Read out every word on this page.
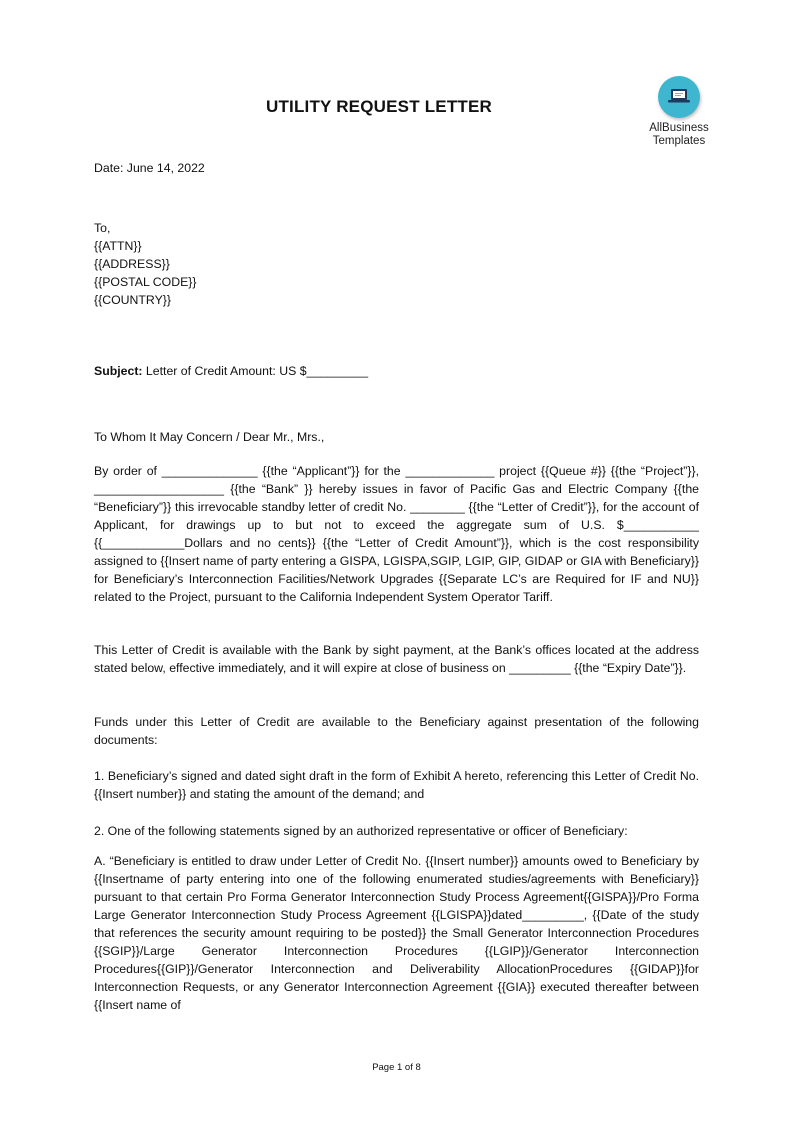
UTILITY REQUEST LETTER
AllBusiness
Templates
Date: June 14, 2022
To,
{{ATTN}}
{{ADDRESS}}
{{POSTAL CODE}}
{{COUNTRY}}
Subject: Letter of Credit Amount: US $_________
To Whom It May Concern / Dear Mr., Mrs.,

By order of ______________ {{the “Applicant”}} for the _____________ project {{Queue #}} {{the “Project”}}, ___________________ {{the “Bank” }} hereby issues in favor of Pacific Gas and Electric Company {{the “Beneficiary”}} this irrevocable standby letter of credit No. ________ {{the “Letter of Credit”}}, for the account of Applicant, for drawings up to but not to exceed the aggregate sum of U.S. $___________ {{____________Dollars and no cents}} {{the “Letter of Credit Amount”}}, which is the cost responsibility assigned to {{Insert name of party entering a GISPA, LGISPA,SGIP, LGIP, GIP, GIDAP or GIA with Beneficiary}} for Beneficiary’s Interconnection Facilities/Network Upgrades {{Separate LC’s are Required for IF and NU}} related to the Project, pursuant to the California Independent System Operator Tariff.

This Letter of Credit is available with the Bank by sight payment, at the Bank’s offices located at the address stated below, effective immediately, and it will expire at close of business on _________ {{the “Expiry Date”}}.

Funds under this Letter of Credit are available to the Beneficiary against presentation of the following documents:

1. Beneficiary’s signed and dated sight draft in the form of Exhibit A hereto, referencing this Letter of Credit No. {{Insert number}} and stating the amount of the demand; and

2. One of the following statements signed by an authorized representative or officer of Beneficiary:

A. “Beneficiary is entitled to draw under Letter of Credit No. {{Insert number}} amounts owed to Beneficiary by {{Insertname of party entering into one of the following enumerated studies/agreements with Beneficiary}} pursuant to that certain Pro Forma Generator Interconnection Study Process Agreement{{GISPA}}/Pro Forma Large Generator Interconnection Study Process Agreement {{LGISPA}}dated_________, {{Date of the study that references the security amount requiring to be posted}} the Small Generator Interconnection Procedures {{SGIP}}/Large Generator Interconnection Procedures {{LGIP}}/Generator Interconnection Procedures{{GIP}}/Generator Interconnection and Deliverability AllocationProcedures {{GIDAP}}for Interconnection Requests, or any Generator Interconnection Agreement {{GIA}} executed thereafter between {{Insert name of

Page 1 of 8
